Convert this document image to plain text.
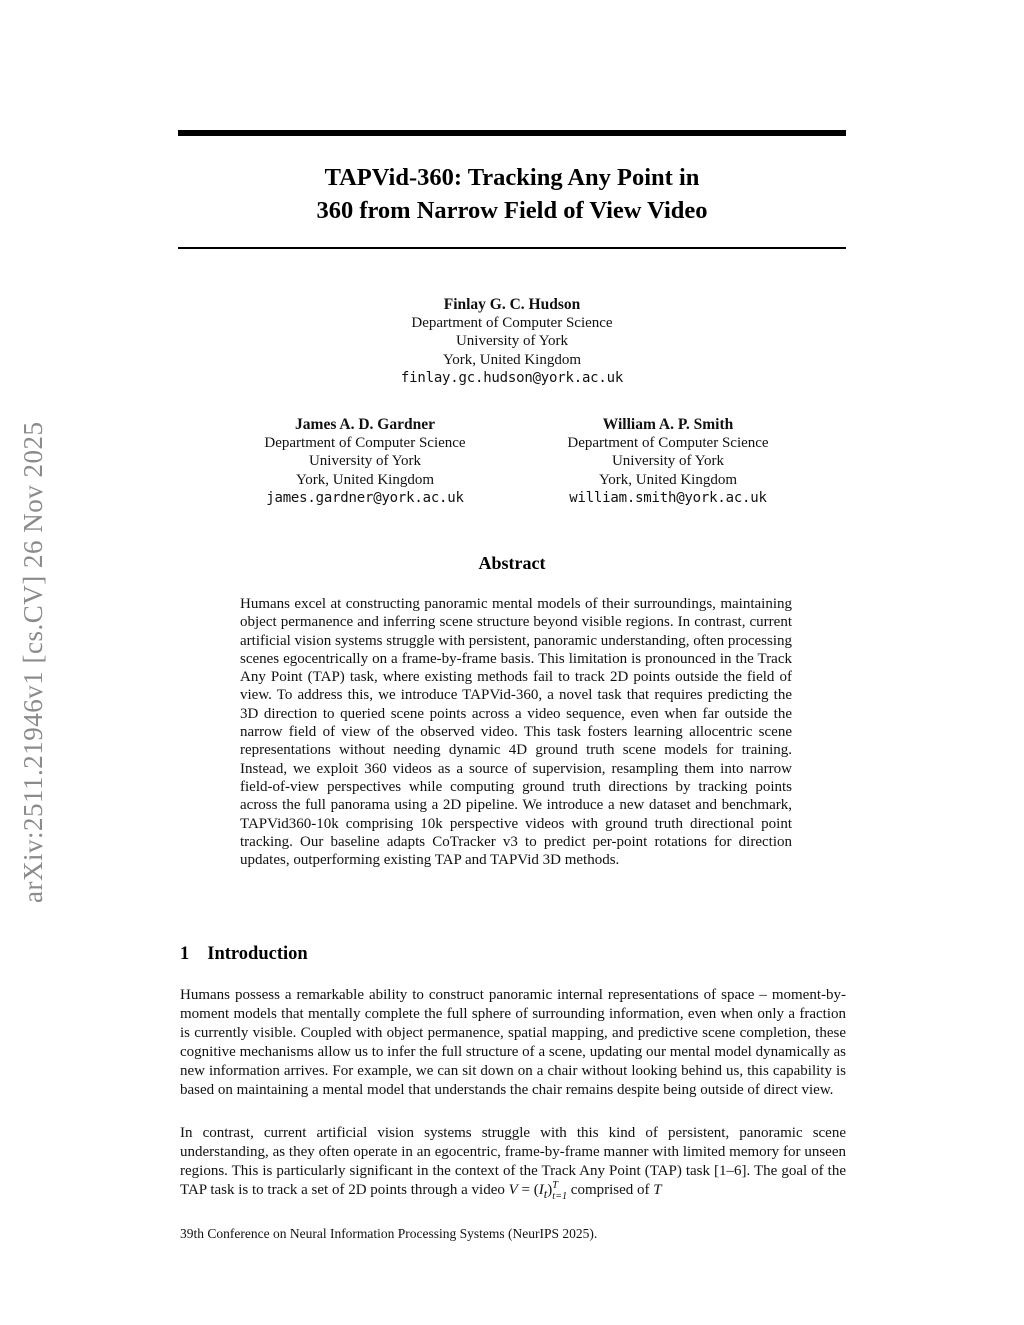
arXiv:2511.21946v1 [cs.CV] 26 Nov 2025
TAPVid-360: Tracking Any Point in
360 from Narrow Field of View Video
Finlay G. C. Hudson
Department of Computer Science
University of York
York, United Kingdom
finlay.gc.hudson@york.ac.uk
James A. D. Gardner
Department of Computer Science
University of York
York, United Kingdom
james.gardner@york.ac.uk
William A. P. Smith
Department of Computer Science
University of York
York, United Kingdom
william.smith@york.ac.uk
Abstract
Humans excel at constructing panoramic mental models of their surroundings, maintaining object permanence and inferring scene structure beyond visible regions. In contrast, current artificial vision systems struggle with persistent, panoramic understanding, often processing scenes egocentrically on a frame-by-frame basis. This limitation is pronounced in the Track Any Point (TAP) task, where existing methods fail to track 2D points outside the field of view. To address this, we introduce TAPVid-360, a novel task that requires predicting the 3D direction to queried scene points across a video sequence, even when far outside the narrow field of view of the observed video. This task fosters learning allocentric scene representations without needing dynamic 4D ground truth scene models for training. Instead, we exploit 360 videos as a source of supervision, resampling them into narrow field-of-view perspectives while computing ground truth directions by tracking points across the full panorama using a 2D pipeline. We introduce a new dataset and benchmark, TAPVid360-10k comprising 10k perspective videos with ground truth directional point tracking. Our baseline adapts CoTracker v3 to predict per-point rotations for direction updates, outperforming existing TAP and TAPVid 3D methods.
1 Introduction
Humans possess a remarkable ability to construct panoramic internal representations of space – moment-by-moment models that mentally complete the full sphere of surrounding information, even when only a fraction is currently visible. Coupled with object permanence, spatial mapping, and predictive scene completion, these cognitive mechanisms allow us to infer the full structure of a scene, updating our mental model dynamically as new information arrives. For example, we can sit down on a chair without looking behind us, this capability is based on maintaining a mental model that understands the chair remains despite being outside of direct view.
In contrast, current artificial vision systems struggle with this kind of persistent, panoramic scene understanding, as they often operate in an egocentric, frame-by-frame manner with limited memory for unseen regions. This is particularly significant in the context of the Track Any Point (TAP) task [1–6]. The goal of the TAP task is to track a set of 2D points through a video $V = (I_t)$ T
t=1 comprised of T
39th Conference on Neural Information Processing Systems (NeurIPS 2025).
